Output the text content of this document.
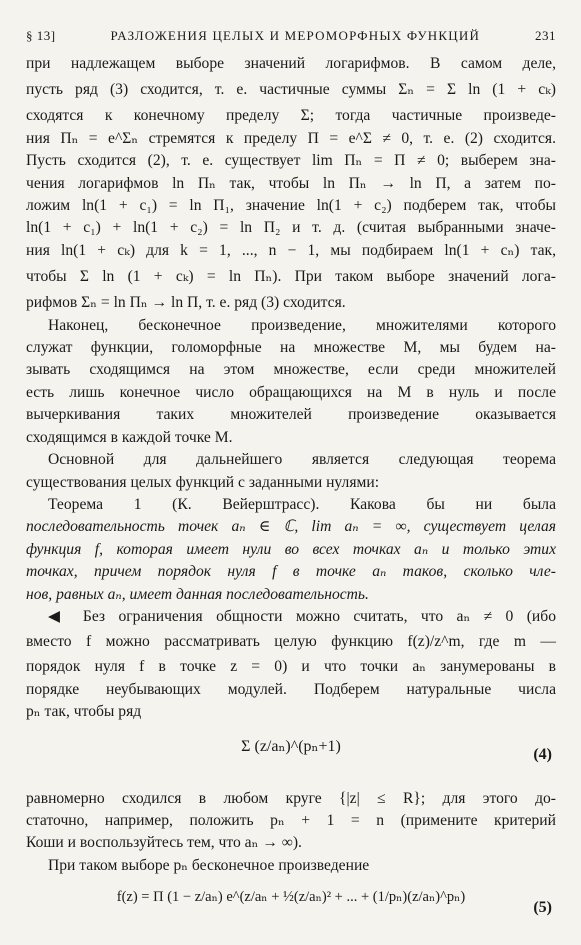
§ 13]	РАЗЛОЖЕНИЯ ЦЕЛЫХ И МЕРОМОРФНЫХ ФУНКЦИЙ	231
при надлежащем выборе значений логарифмов. В самом деле,
пусть ряд (3) сходится, т. е. частичные суммы Σₙ = Σ ln (1 + cₖ)
сходятся к конечному пределу Σ; тогда частичные произведе-
ния Πₙ = e^Σₙ стремятся к пределу Π = e^Σ ≠ 0, т. е. (2) сходится.
Пусть сходится (2), т. е. существует lim Πₙ = Π ≠ 0; выберем зна-
чения логарифмов ln Πₙ так, чтобы ln Πₙ → ln Π, а затем по-
ложим ln(1 + c₁) = ln Π₁, значение ln(1 + c₂) подберем так, чтобы
ln(1 + c₁) + ln(1 + c₂) = ln Π₂ и т. д. (считая выбранными значе-
ния ln(1 + cₖ) для k = 1, ..., n − 1, мы подбираем ln(1 + cₙ) так,
чтобы Σ ln (1 + cₖ) = ln Πₙ). При таком выборе значений лога-
рифмов Σₙ = ln Πₙ → ln Π, т. е. ряд (3) сходится.
Наконец, бесконечное произведение, множителями которого
служат функции, голоморфные на множестве M, мы будем на-
зывать сходящимся на этом множестве, если среди множителей
есть лишь конечное число обращающихся на M в нуль и после
вычеркивания таких множителей произведение оказывается
сходящимся в каждой точке M.
Основной для дальнейшего является следующая теорема
существования целых функций с заданными нулями:
Теорема 1 (К. Вейерштрасс). Какова бы ни была
последовательность точек aₙ ∈ ℂ, lim aₙ = ∞, существует целая
функция f, которая имеет нули во всех точках aₙ и только этих
точках, причем порядок нуля f в точке aₙ таков, сколько чле-
нов, равных aₙ, имеет данная последовательность.
◀ Без ограничения общности можно считать, что aₙ ≠ 0 (ибо
вместо f можно рассматривать целую функцию f(z)/z^m, где m —
порядок нуля f в точке z = 0) и что точки aₙ занумерованы в
порядке неубывающих модулей. Подберем натуральные числа
pₙ так, чтобы ряд
Σ (z/aₙ)^(pₙ+1)	(4)
равномерно сходился в любом круге {|z| ≤ R}; для этого до-
статочно, например, положить pₙ + 1 = n (примените критерий
Коши и воспользуйтесь тем, что aₙ → ∞).
При таком выборе pₙ бесконечное произведение
f(z) = Π (1 − z/aₙ) e^(z/aₙ + ½(z/aₙ)² + ... + (1/pₙ)(z/aₙ)^pₙ)
(5)
